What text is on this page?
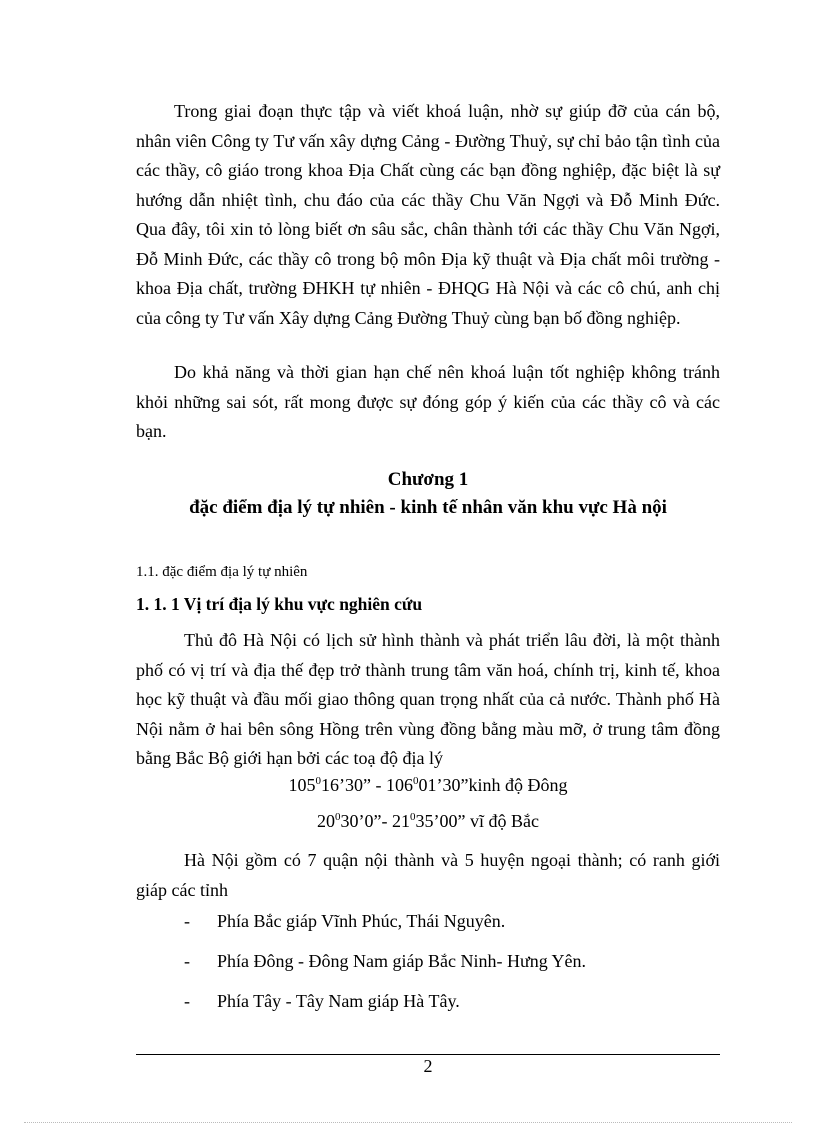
Trong giai đoạn thực tập và viết khoá luận, nhờ sự giúp đỡ của cán bộ, nhân viên Công ty Tư vấn xây dựng Cảng - Đường Thuỷ, sự chỉ bảo tận tình của các thầy, cô giáo trong khoa Địa Chất cùng các bạn đồng nghiệp, đặc biệt là sự hướng dẫn nhiệt tình, chu đáo của các thầy Chu Văn Ngợi và Đỗ Minh Đức. Qua đây, tôi xin tỏ lòng biết ơn sâu sắc, chân thành tới các thầy Chu Văn Ngợi, Đỗ Minh Đức, các thầy cô trong bộ môn Địa kỹ thuật và Địa chất môi trường - khoa Địa chất, trường ĐHKH tự nhiên - ĐHQG Hà Nội và các cô chú, anh chị của công ty Tư vấn Xây dựng Cảng Đường Thuỷ cùng bạn bố đồng nghiệp.

Do khả năng và thời gian hạn chế nên khoá luận tốt nghiệp không tránh khỏi những sai sót, rất mong được sự đóng góp ý kiến của các thầy cô và các bạn.

Chương 1

đặc điểm địa lý tự nhiên - kinh tế nhân văn khu vực Hà nội

1.1. đặc điểm địa lý tự nhiên

1. 1. 1 Vị trí địa lý khu vực nghiên cứu

Thủ đô Hà Nội có lịch sử hình thành và phát triển lâu đời, là một thành phố có vị trí và địa thế đẹp trở thành trung tâm văn hoá, chính trị, kinh tế, khoa học kỹ thuật và đầu mối giao thông quan trọng nhất của cả nước. Thành phố Hà Nội nằm ở hai bên sông Hồng trên vùng đồng bằng màu mỡ, ở trung tâm đồng bằng Bắc Bộ giới hạn bởi các toạ độ địa lý

$105^016’30$” - $106^001’30”kinh$ độ Đông

$20^030’0”-$ $21^035’00$” vĩ độ Bắc

Hà Nội gồm có 7 quận nội thành và 5 huyện ngoại thành; có ranh giới giáp các tỉnh

- Phía Bắc giáp Vĩnh Phúc, Thái Nguyên.
- Phía Đông - Đông Nam giáp Bắc Ninh- Hưng Yên.
- Phía Tây - Tây Nam giáp Hà Tây.
2
